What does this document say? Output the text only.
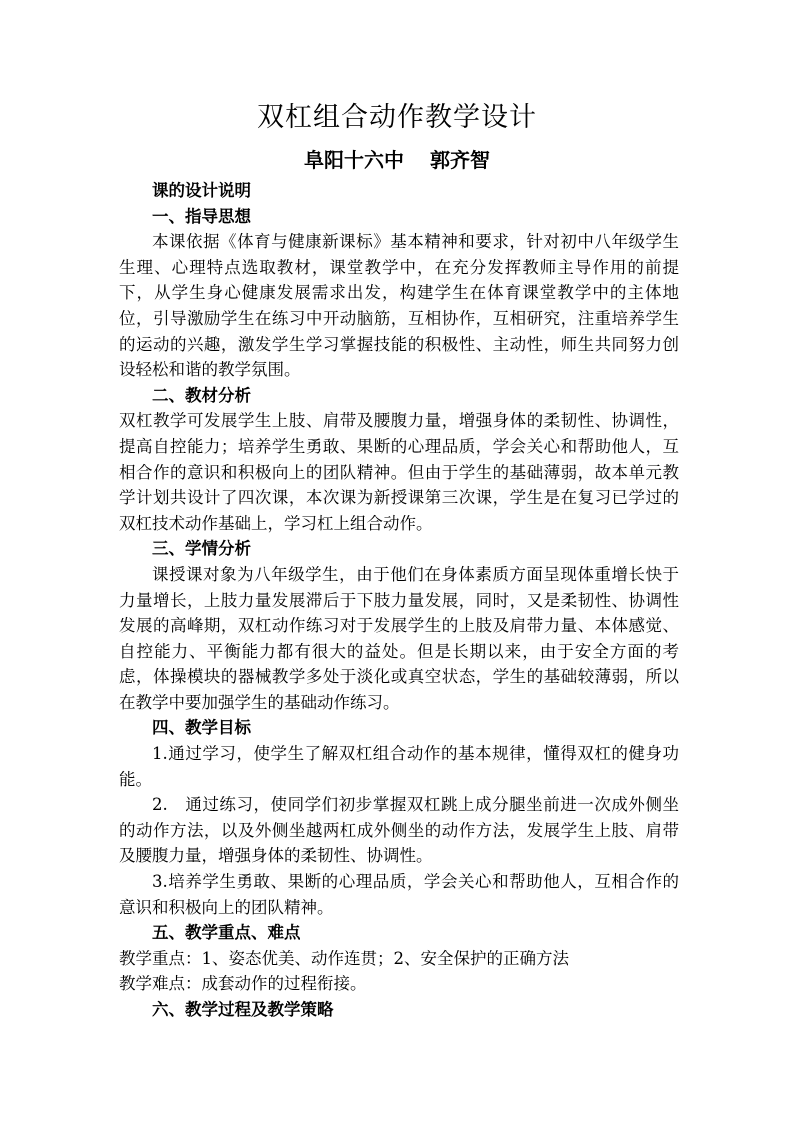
双杠组合动作教学设计
阜阳十六中 郭齐智

课的设计说明

一、指导思想

本课依据《体育与健康新课标》基本精神和要求，针对初中八年级学生生理、心理特点选取教材，课堂教学中，在充分发挥教师主导作用的前提下，从学生身心健康发展需求出发，构建学生在体育课堂教学中的主体地位，引导激励学生在练习中开动脑筋，互相协作，互相研究，注重培养学生的运动的兴趣，激发学生学习掌握技能的积极性、主动性，师生共同努力创设轻松和谐的教学氛围。

二、教材分析

双杠教学可发展学生上肢、肩带及腰腹力量，增强身体的柔韧性、协调性，提高自控能力；培养学生勇敢、果断的心理品质，学会关心和帮助他人，互相合作的意识和积极向上的团队精神。但由于学生的基础薄弱，故本单元教学计划共设计了四次课，本次课为新授课第三次课，学生是在复习已学过的双杠技术动作基础上，学习杠上组合动作。

三、学情分析

课授课对象为八年级学生，由于他们在身体素质方面呈现体重增长快于力量增长，上肢力量发展滞后于下肢力量发展，同时，又是柔韧性、协调性发展的高峰期，双杠动作练习对于发展学生的上肢及肩带力量、本体感觉、自控能力、平衡能力都有很大的益处。但是长期以来，由于安全方面的考虑，体操模块的器械教学多处于淡化或真空状态，学生的基础较薄弱，所以在教学中要加强学生的基础动作练习。

四、教学目标

1.通过学习，使学生了解双杠组合动作的基本规律，懂得双杠的健身功能。

2.　通过练习，使同学们初步掌握双杠跳上成分腿坐前进一次成外侧坐的动作方法，以及外侧坐越两杠成外侧坐的动作方法，发展学生上肢、肩带及腰腹力量，增强身体的柔韧性、协调性。

3.培养学生勇敢、果断的心理品质，学会关心和帮助他人，互相合作的意识和积极向上的团队精神。

五、教学重点、难点

教学重点：1、姿态优美、动作连贯；2、安全保护的正确方法

教学难点：成套动作的过程衔接。

六、教学过程及教学策略
